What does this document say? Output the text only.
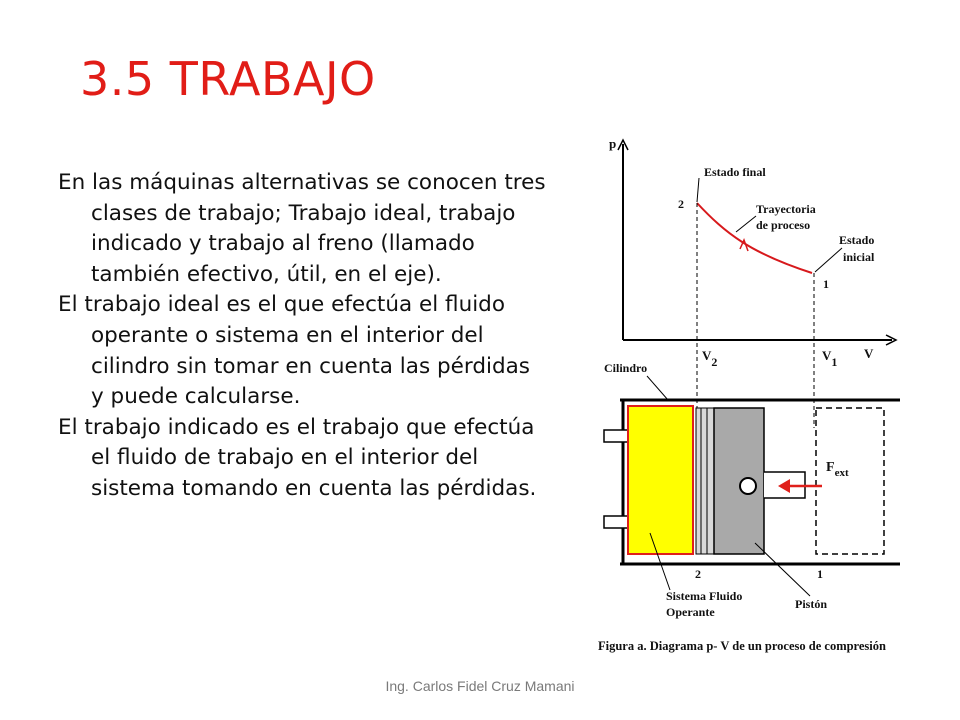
3.5 TRABAJO

En las máquinas alternativas se conocen tres clases de trabajo; Trabajo ideal, trabajo indicado y trabajo al freno (llamado también efectivo, útil, en el eje).

El trabajo ideal es el que efectúa el fluido operante o sistema en el interior del cilindro sin tomar en cuenta las pérdidas y puede calcularse.

El trabajo indicado es el trabajo que efectúa el fluido de trabajo en el interior del sistema tomando en cuenta las pérdidas.

p
V
Estado final
2	Trayectoria
de proceso
Estado
inicial
1
V2	V1
Cilindro
$F_{ext}$
2	1
Sistema Fluido
Operante
Pistón
Figura a. Diagrama p- V de un proceso de compresión
Ing. Carlos Fidel Cruz Mamani
